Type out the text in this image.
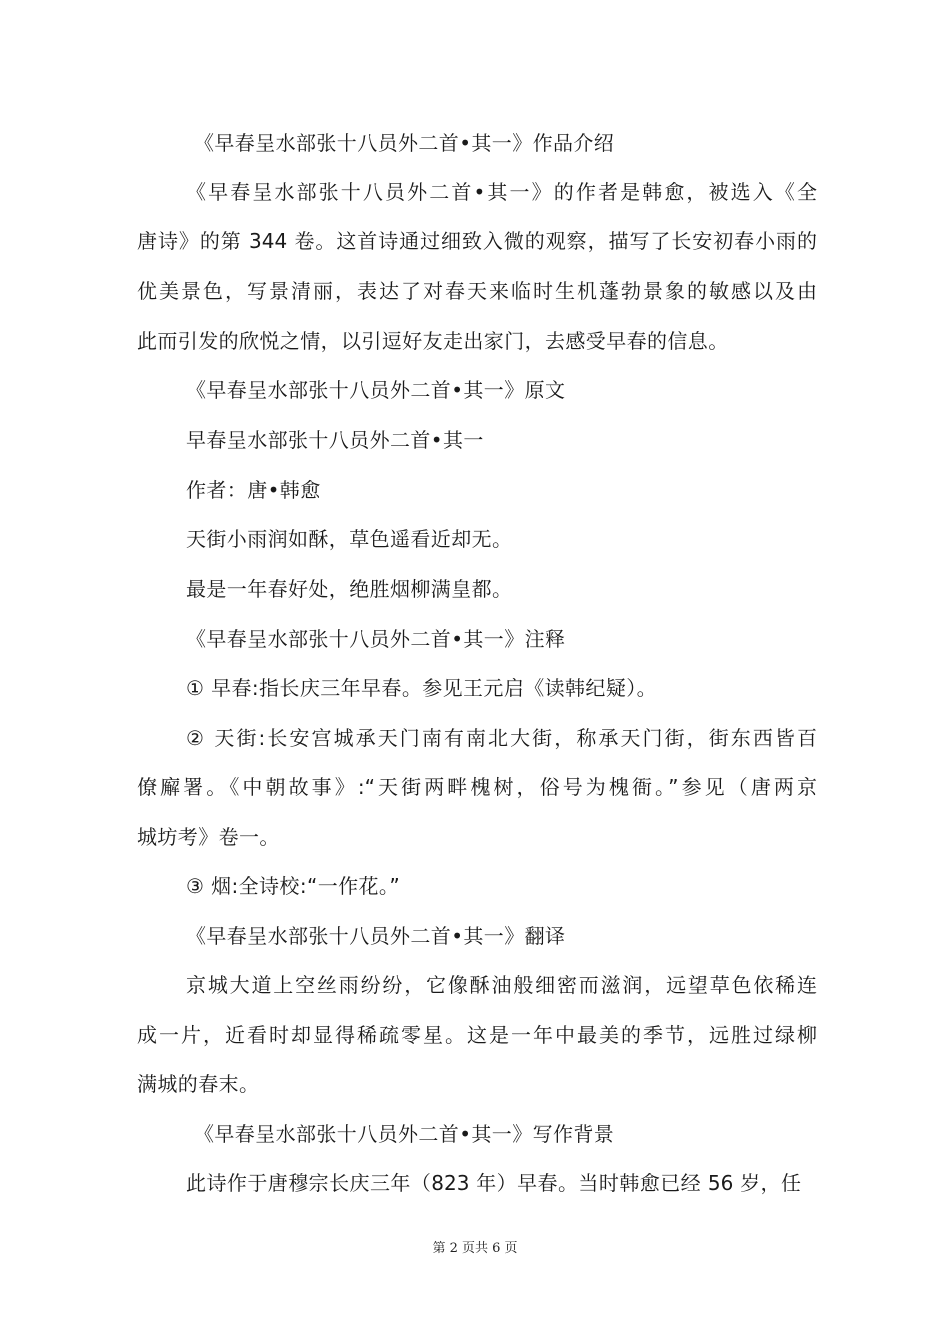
《早春呈水部张十八员外二首•其一》作品介绍
《早春呈水部张十八员外二首•其一》的作者是韩愈，被选入《全
唐诗》的第 344 卷。这首诗通过细致入微的观察，描写了长安初春小雨的
优美景色，写景清丽，表达了对春天来临时生机蓬勃景象的敏感以及由
此而引发的欣悦之情，以引逗好友走出家门，去感受早春的信息。
《早春呈水部张十八员外二首•其一》原文
早春呈水部张十八员外二首•其一
作者：唐•韩愈
天街小雨润如酥，草色遥看近却无。
最是一年春好处，绝胜烟柳满皇都。
《早春呈水部张十八员外二首•其一》注释
① 早春:指长庆三年早春。参见王元启《读韩纪疑）。
② 天街:长安宫城承天门南有南北大街，称承天门街，街东西皆百
僚廨署。《中朝故事》:“天街两畔槐树，俗号为槐衙。”参见（唐两京
城坊考》卷一。
③ 烟:全诗校:“一作花。”
《早春呈水部张十八员外二首•其一》翻译
京城大道上空丝雨纷纷，它像酥油般细密而滋润，远望草色依稀连
成一片，近看时却显得稀疏零星。这是一年中最美的季节，远胜过绿柳
满城的春末。
《早春呈水部张十八员外二首•其一》写作背景
此诗作于唐穆宗长庆三年（823 年）早春。当时韩愈已经 56 岁，任
第 2 页共 6 页
